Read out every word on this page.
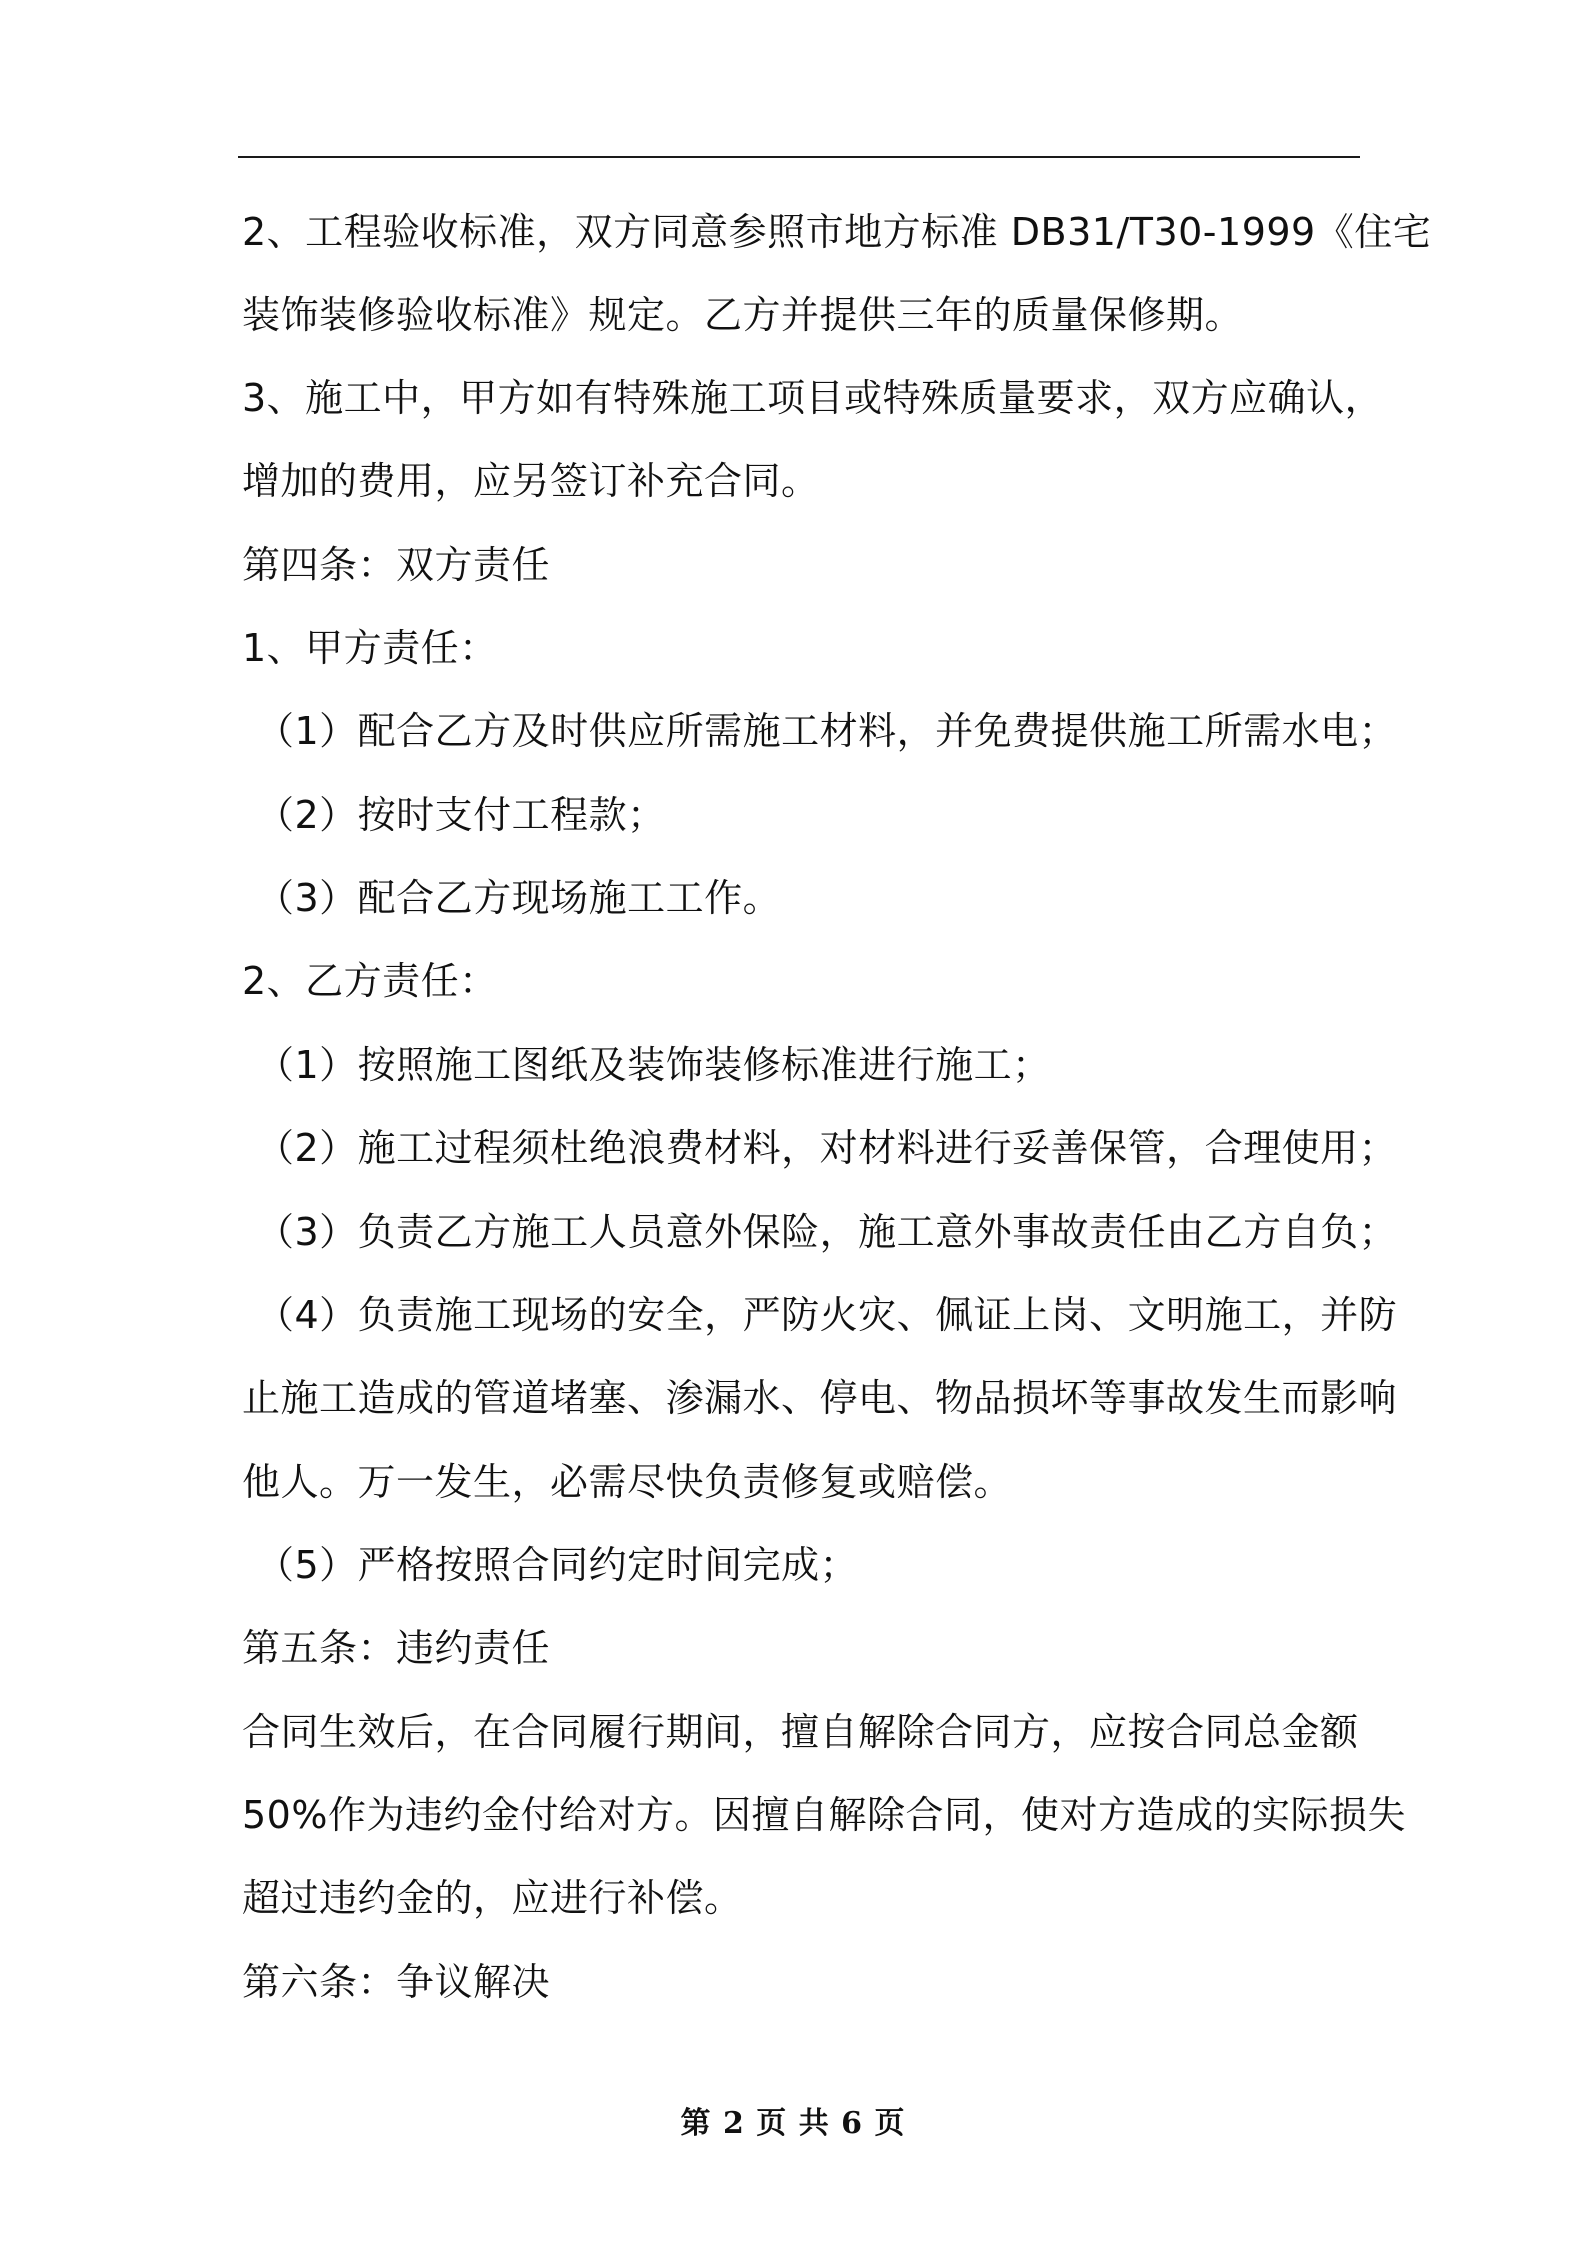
2、工程验收标准，双方同意参照市地方标准 DB31/T30-1999《住宅
装饰装修验收标准》规定。乙方并提供三年的质量保修期。
3、施工中，甲方如有特殊施工项目或特殊质量要求，双方应确认，
增加的费用，应另签订补充合同。
第四条：双方责任
1、甲方责任：
（1）配合乙方及时供应所需施工材料，并免费提供施工所需水电；
（2）按时支付工程款；
（3）配合乙方现场施工工作。
2、乙方责任：
（1）按照施工图纸及装饰装修标准进行施工；
（2）施工过程须杜绝浪费材料，对材料进行妥善保管，合理使用；
（3）负责乙方施工人员意外保险，施工意外事故责任由乙方自负；
（4）负责施工现场的安全，严防火灾、佩证上岗、文明施工，并防
止施工造成的管道堵塞、渗漏水、停电、物品损坏等事故发生而影响
他人。万一发生，必需尽快负责修复或赔偿。
（5）严格按照合同约定时间完成；
第五条：违约责任
合同生效后，在合同履行期间，擅自解除合同方，应按合同总金额
50%作为违约金付给对方。因擅自解除合同，使对方造成的实际损失
超过违约金的，应进行补偿。
第六条：争议解决
第 2 页 共 6 页
